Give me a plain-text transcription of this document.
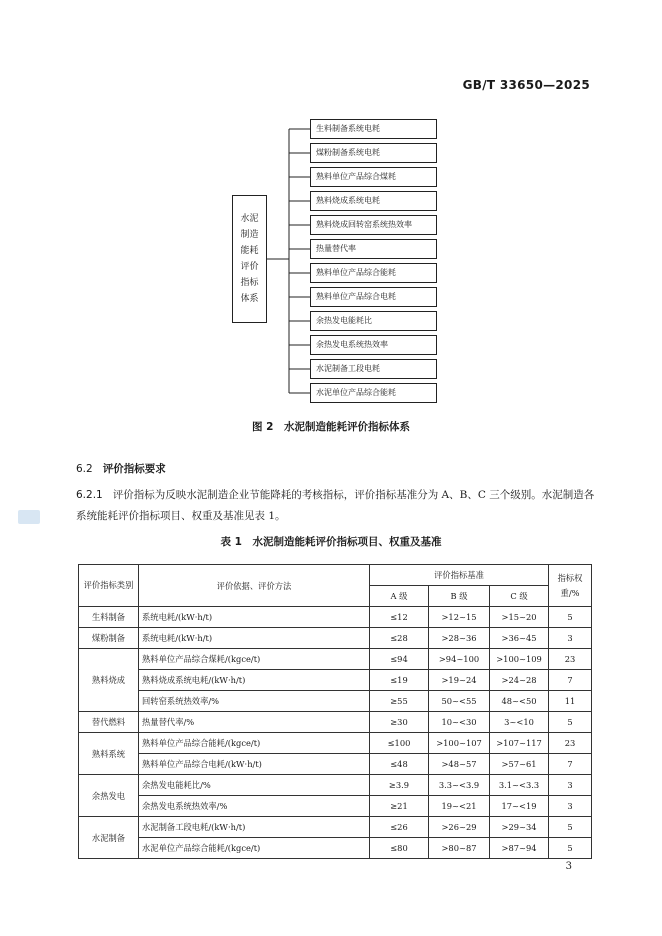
GB/T 33650—2025
水泥
制造
能耗
评价
指标
体系
生料制备系统电耗
煤粉制备系统电耗
熟料单位产品综合煤耗
熟料烧成系统电耗
熟料烧成回转窑系统热效率
热量替代率
熟料单位产品综合能耗
熟料单位产品综合电耗
余热发电能耗比
余热发电系统热效率
水泥制备工段电耗
水泥单位产品综合能耗
图 2　水泥制造能耗评价指标体系
6.2 评价指标要求
6.2.1 评价指标为反映水泥制造企业节能降耗的考核指标，评价指标基准分为 A、B、C 三个级别。水泥制造各系统能耗评价指标项目、权重及基准见表 1。
表 1　水泥制造能耗评价指标项目、权重及基准
评价指标类别	评价依据、评价方法	评价指标基准			指标权重/%
		A 级	B 级	C 级	
生料制备	系统电耗/(kW·h/t)	≤12	>12~15	>15~20	5
煤粉制备	系统电耗/(kW·h/t)	≤28	>28~36	>36~45	3
熟料烧成	熟料单位产品综合煤耗/(kgce/t)	≤94	>94~100	>100~109	23
	熟料烧成系统电耗/(kW·h/t)	≤19	>19~24	>24~28	7
	回转窑系统热效率/%	≥55	50~<55	48~<50	11
替代燃料	热量替代率/%	≥30	10~<30	3~<10	5
熟料系统	熟料单位产品综合能耗/(kgce/t)	≤100	>100~107	>107~117	23
	熟料单位产品综合电耗/(kW·h/t)	≤48	>48~57	>57~61	7
余热发电	余热发电能耗比/%	≥3.9	3.3~<3.9	3.1~<3.3	3
	余热发电系统热效率/%	≥21	19~<21	17~<19	3
水泥制备	水泥制备工段电耗/(kW·h/t)	≤26	>26~29	>29~34	5
	水泥单位产品综合能耗/(kgce/t)	≤80	>80~87	>87~94	5
3
